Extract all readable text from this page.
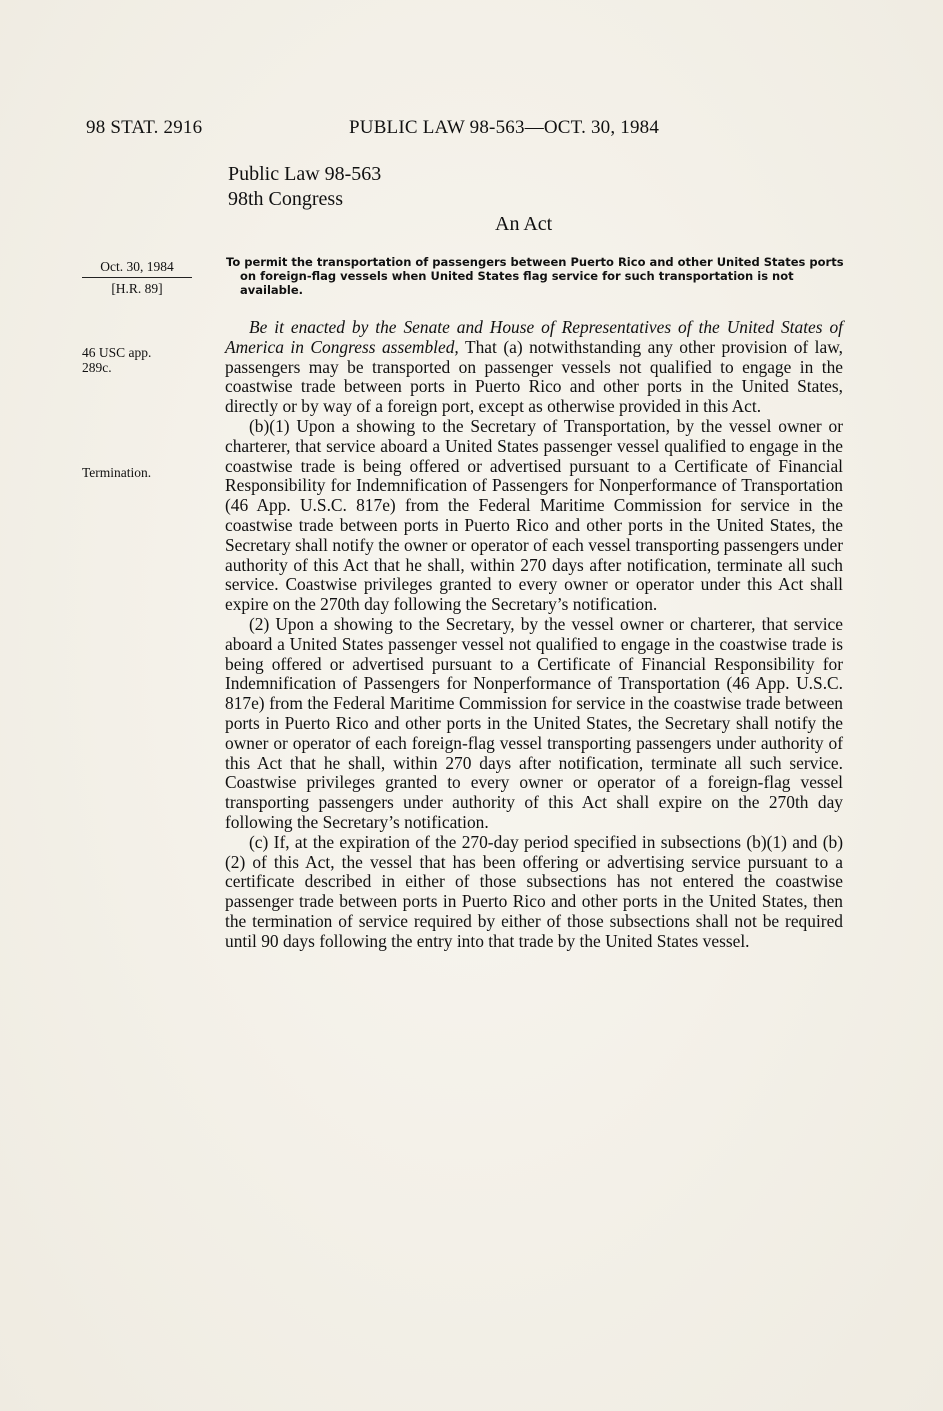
98 STAT. 2916	PUBLIC LAW 98-563—OCT. 30, 1984
Public Law 98-563
98th Congress
An Act
Oct. 30, 1984
[H.R. 89]
To permit the transportation of passengers between Puerto Rico and other United States ports on foreign-flag vessels when United States flag service for such transportation is not available.
46 USC app.
289c.
Termination.

Be it enacted by the Senate and House of Representatives of the United States of America in Congress assembled, That (a) notwithstanding any other provision of law, passengers may be transported on passenger vessels not qualified to engage in the coastwise trade between ports in Puerto Rico and other ports in the United States, directly or by way of a foreign port, except as otherwise provided in this Act.

(b)(1) Upon a showing to the Secretary of Transportation, by the vessel owner or charterer, that service aboard a United States passenger vessel qualified to engage in the coastwise trade is being offered or advertised pursuant to a Certificate of Financial Responsibility for Indemnification of Passengers for Nonperformance of Transportation (46 App. U.S.C. 817e) from the Federal Maritime Commission for service in the coastwise trade between ports in Puerto Rico and other ports in the United States, the Secretary shall notify the owner or operator of each vessel transporting passengers under authority of this Act that he shall, within 270 days after notification, terminate all such service. Coastwise privileges granted to every owner or operator under this Act shall expire on the 270th day following the Secretary’s notification.

(2) Upon a showing to the Secretary, by the vessel owner or charterer, that service aboard a United States passenger vessel not qualified to engage in the coastwise trade is being offered or advertised pursuant to a Certificate of Financial Responsibility for Indemnification of Passengers for Nonperformance of Transportation (46 App. U.S.C. 817e) from the Federal Maritime Commission for service in the coastwise trade between ports in Puerto Rico and other ports in the United States, the Secretary shall notify the owner or operator of each foreign-flag vessel transporting passengers under authority of this Act that he shall, within 270 days after notification, terminate all such service. Coastwise privileges granted to every owner or operator of a foreign-flag vessel transporting passengers under authority of this Act shall expire on the 270th day following the Secretary’s notification.

(c) If, at the expiration of the 270-day period specified in subsections (b)(1) and (b)(2) of this Act, the vessel that has been offering or advertising service pursuant to a certificate described in either of those subsections has not entered the coastwise passenger trade between ports in Puerto Rico and other ports in the United States, then the termination of service required by either of those subsections shall not be required until 90 days following the entry into that trade by the United States vessel.
